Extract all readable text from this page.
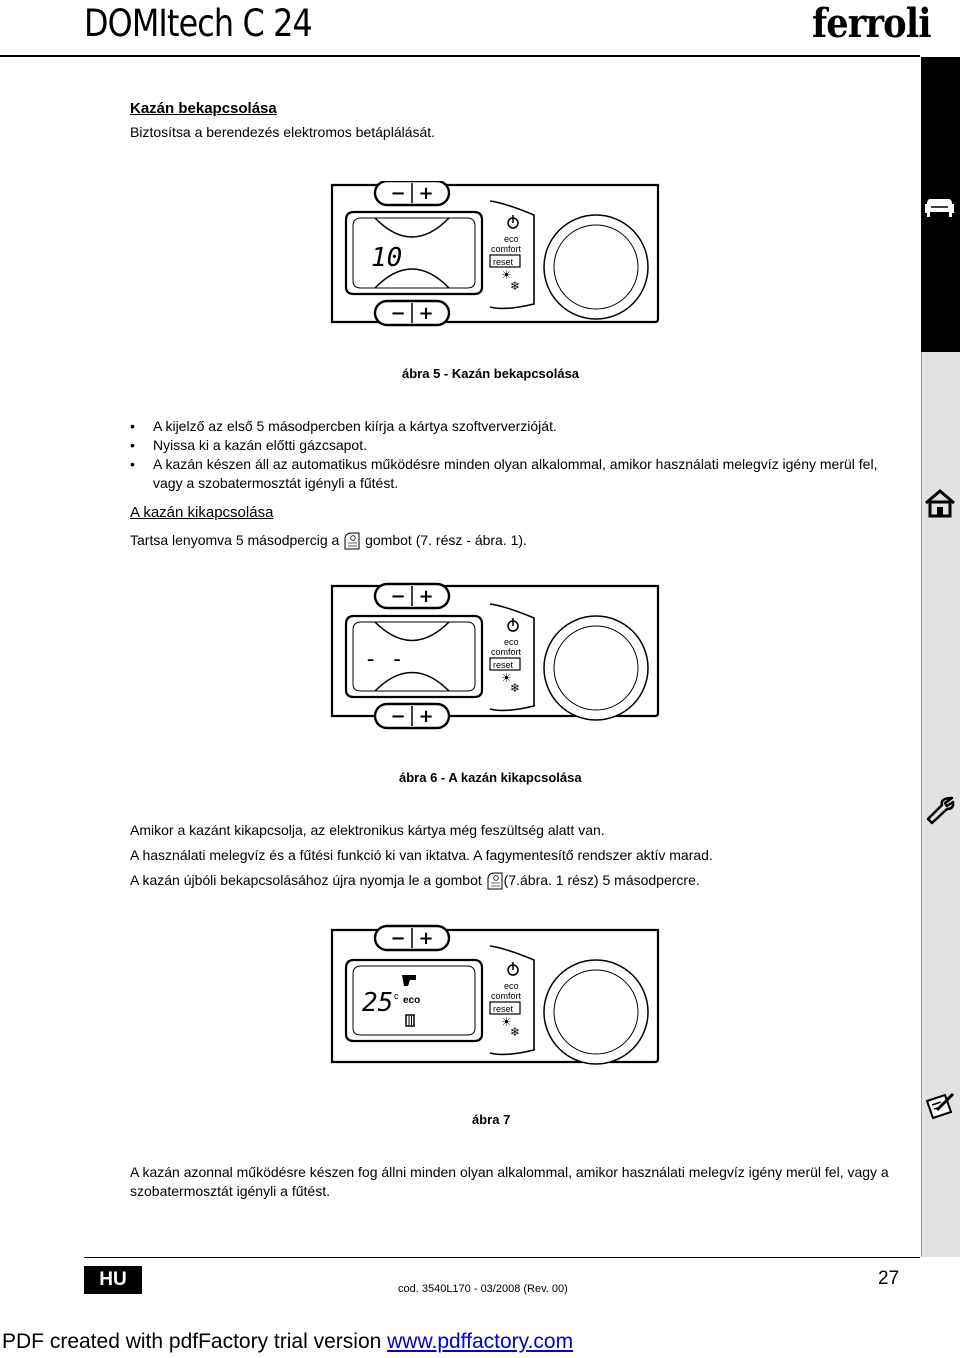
DOMItech C 24	ferroli
Kazán bekapcsolása
Biztosítsa a berendezés elektromos betáplálását.
− +
10
eco
comfort
reset
☀
❄
− +
ábra 5 - Kazán bekapcsolása
• A kijelző az első 5 másodpercben kiírja a kártya szoftververzióját.
• Nyissa ki a kazán előtti gázcsapot.
• A kazán készen áll az automatikus működésre minden olyan alkalommal, amikor használati melegvíz igény merül fel, vagy a szobatermosztát igényli a fűtést.
A kazán kikapcsolása
Tartsa lenyomva 5 másodpercig a gombot (7. rész - ábra. 1).
− +
- -
eco
comfort
reset
☀
❄
− +
ábra 6 - A kazán kikapcsolása
Amikor a kazánt kikapcsolja, az elektronikus kártya még feszültség alatt van.
A használati melegvíz és a fűtési funkció ki van iktatva. A fagymentesítő rendszer aktív marad.
A kazán újbóli bekapcsolásához újra nyomja le a gombot (7.ábra. 1 rész) 5 másodpercre.
− +
25 c eco
eco
comfort
reset
☀
❄
ábra 7
A kazán azonnal működésre készen fog állni minden olyan alkalommal, amikor használati melegvíz igény merül fel, vagy a szobatermosztát igényli a fűtést.
HU	cod. 3540L170 - 03/2008 (Rev. 00)	27
PDF created with pdfFactory trial version www.pdffactory.com
